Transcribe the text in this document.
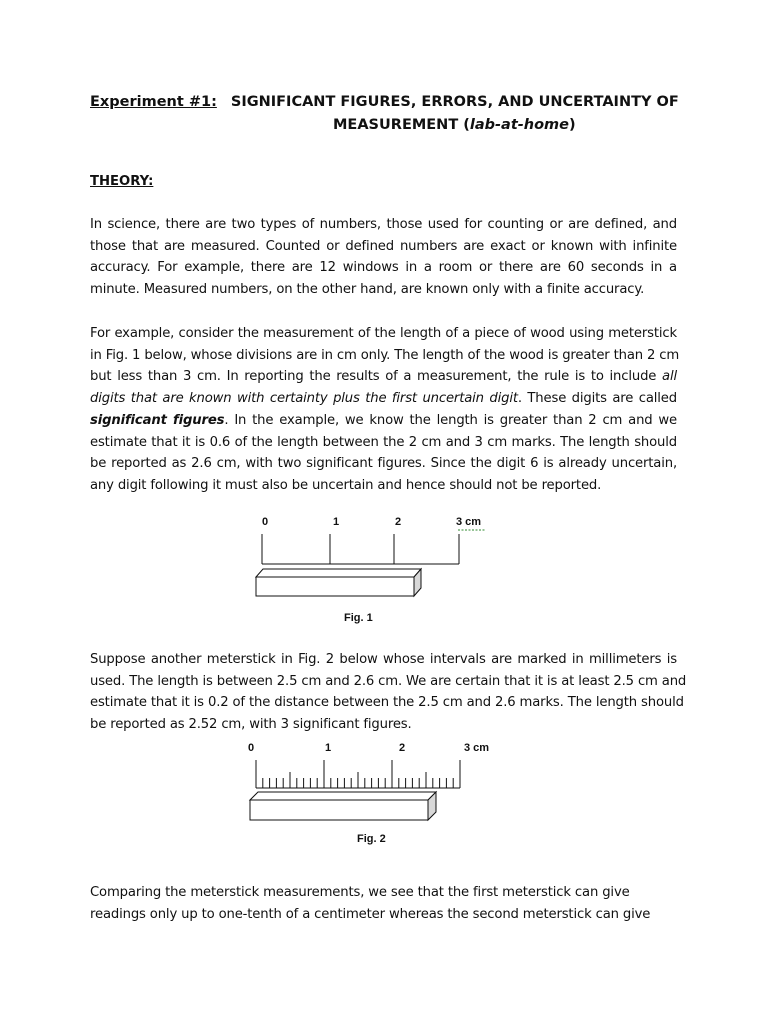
Experiment #1: SIGNIFICANT FIGURES, ERRORS, AND UNCERTAINTY OF
MEASUREMENT (lab-at-home)
THEORY:
In science, there are two types of numbers, those used for counting or are defined, and
those that are measured. Counted or defined numbers are exact or known with infinite
accuracy. For example, there are 12 windows in a room or there are 60 seconds in a
minute. Measured numbers, on the other hand, are known only with a finite accuracy.
For example, consider the measurement of the length of a piece of wood using meterstick
in Fig. 1 below, whose divisions are in cm only. The length of the wood is greater than 2 cm
but less than 3 cm. In reporting the results of a measurement, the rule is to include all
digits that are known with certainty plus the first uncertain digit. These digits are called
significant figures. In the example, we know the length is greater than 2 cm and we
estimate that it is 0.6 of the length between the 2 cm and 3 cm marks. The length should
be reported as 2.6 cm, with two significant figures. Since the digit 6 is already uncertain,
any digit following it must also be uncertain and hence should not be reported.
0	1	2	3 cm
Fig. 1
0	1	2	3 cm
Fig. 2
Suppose another meterstick in Fig. 2 below whose intervals are marked in millimeters is
used. The length is between 2.5 cm and 2.6 cm. We are certain that it is at least 2.5 cm and
estimate that it is 0.2 of the distance between the 2.5 cm and 2.6 marks. The length should
be reported as 2.52 cm, with 3 significant figures.
Comparing the meterstick measurements, we see that the first meterstick can give
readings only up to one-tenth of a centimeter whereas the second meterstick can give
